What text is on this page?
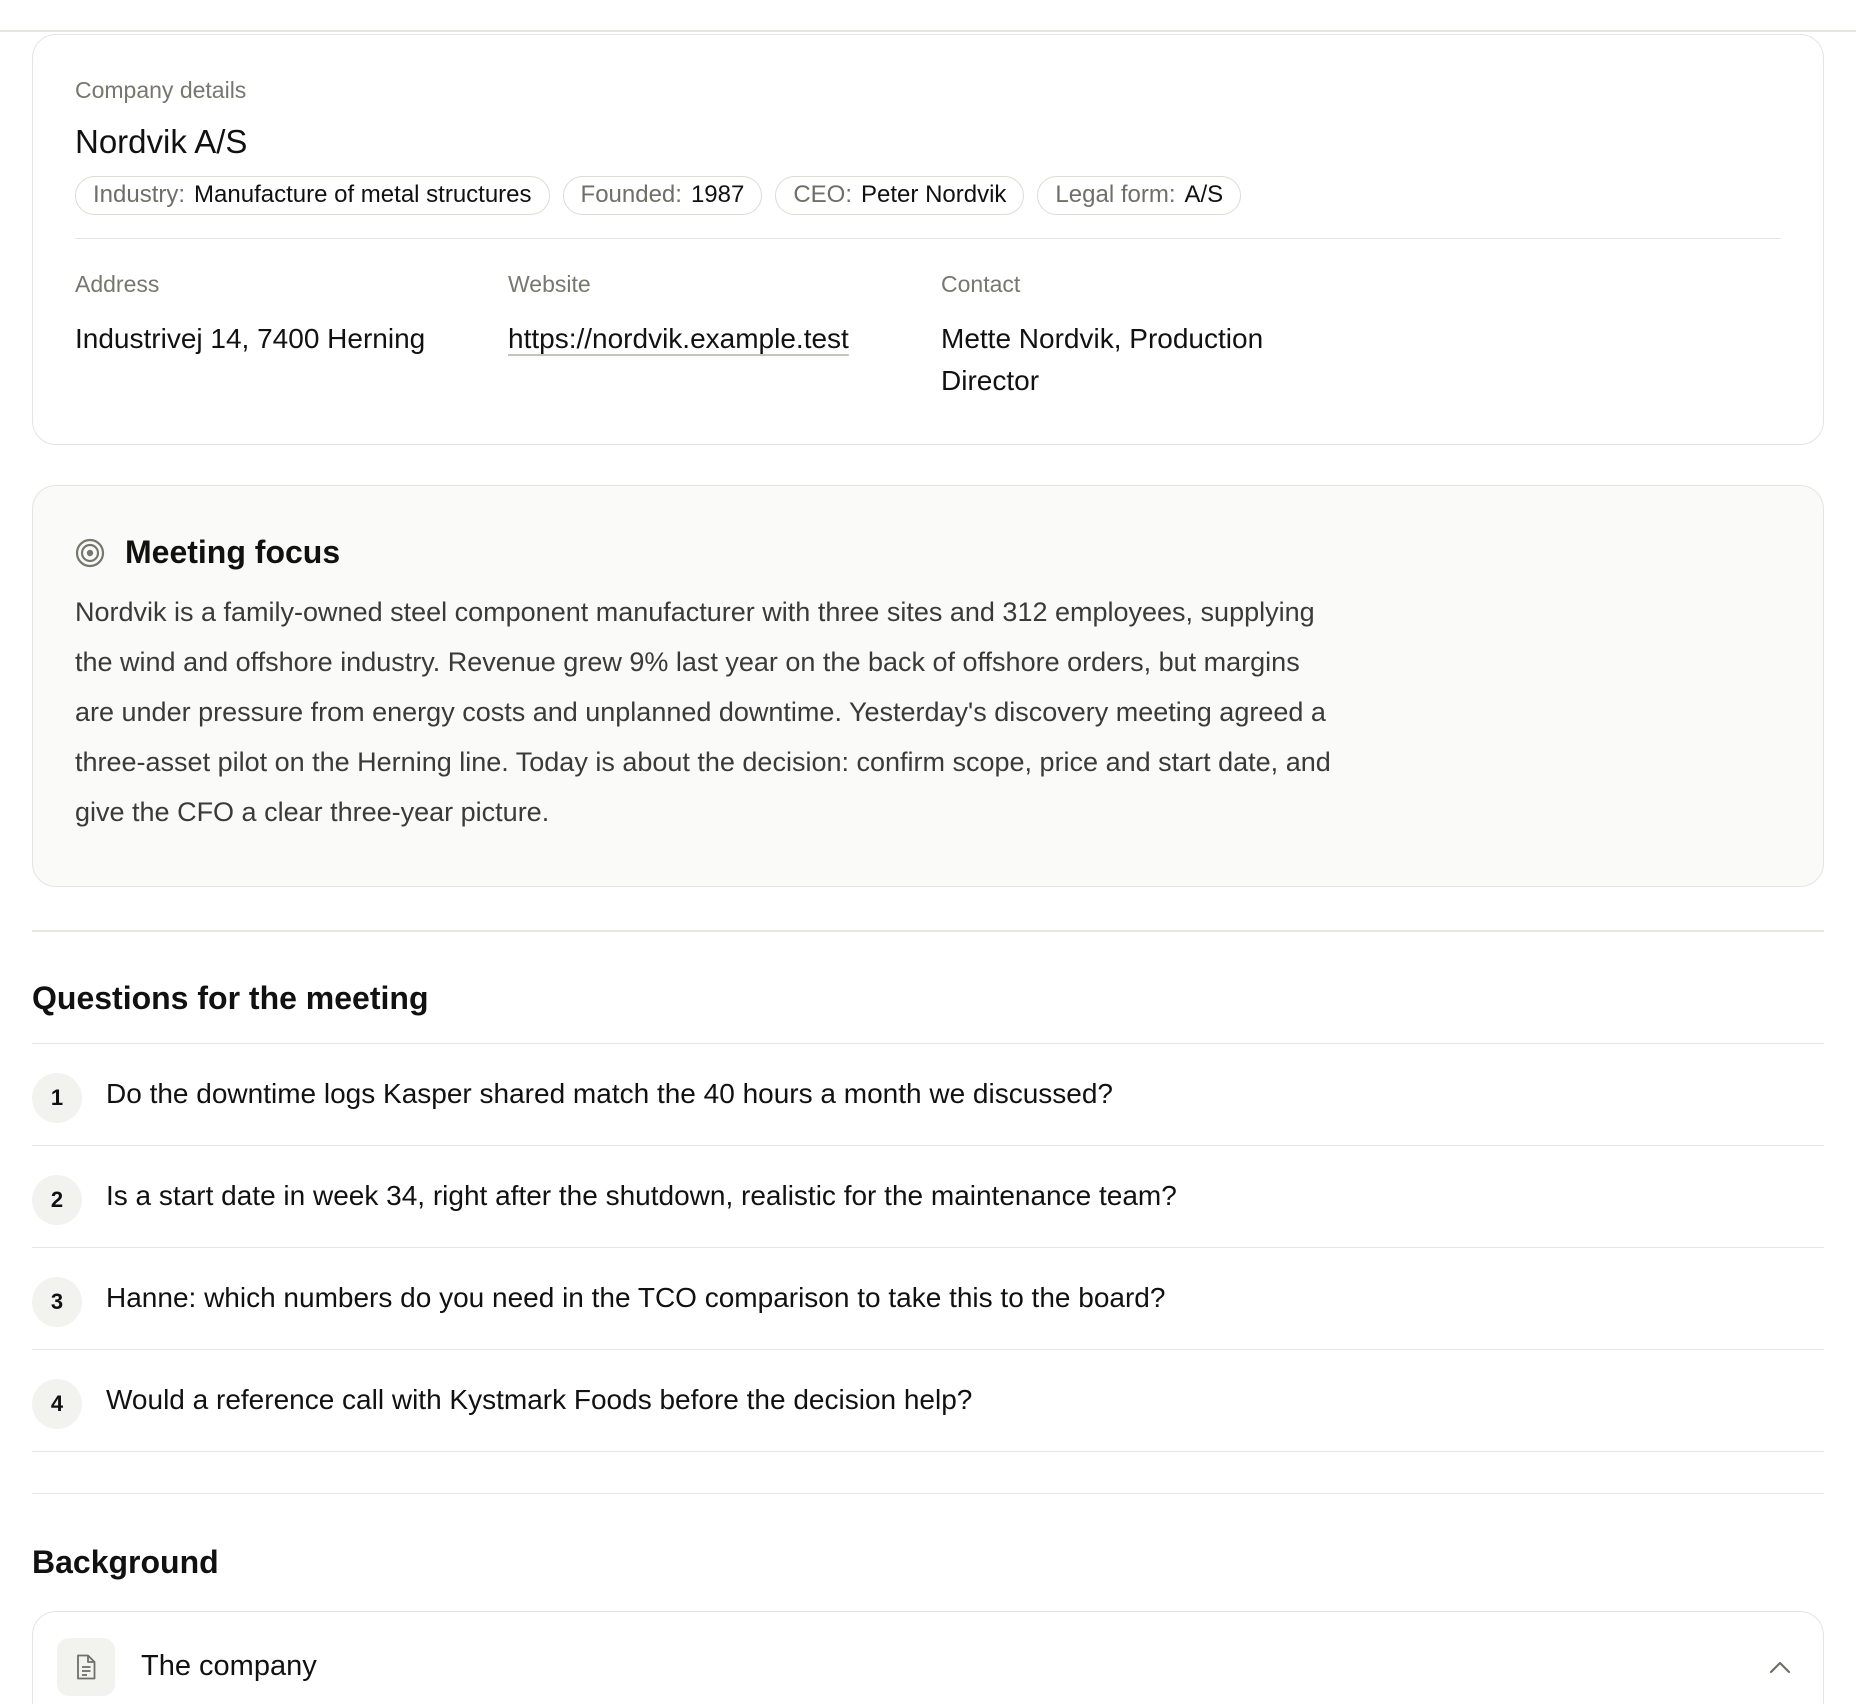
Company details
Nordvik A/S
Industry: Manufacture of metal structures Founded: 1987 CEO: Peter Nordvik Legal form: A/S
Address
Industrivej 14, 7400 Herning
Website
https://nordvik.example.test
Contact
Mette Nordvik, Production Director
Meeting focus

Nordvik is a family-owned steel component manufacturer with three sites and 312 employees, supplying the wind and offshore industry. Revenue grew 9% last year on the back of offshore orders, but margins are under pressure from energy costs and unplanned downtime. Yesterday's discovery meeting agreed a three-asset pilot on the Herning line. Today is about the decision: confirm scope, price and start date, and give the CFO a clear three-year picture.

Questions for the meeting
1	Do the downtime logs Kasper shared match the 40 hours a month we discussed?
2	Is a start date in week 34, right after the shutdown, realistic for the maintenance team?
3	Hanne: which numbers do you need in the TCO comparison to take this to the board?
4	Would a reference call with Kystmark Foods before the decision help?
Background
The company
